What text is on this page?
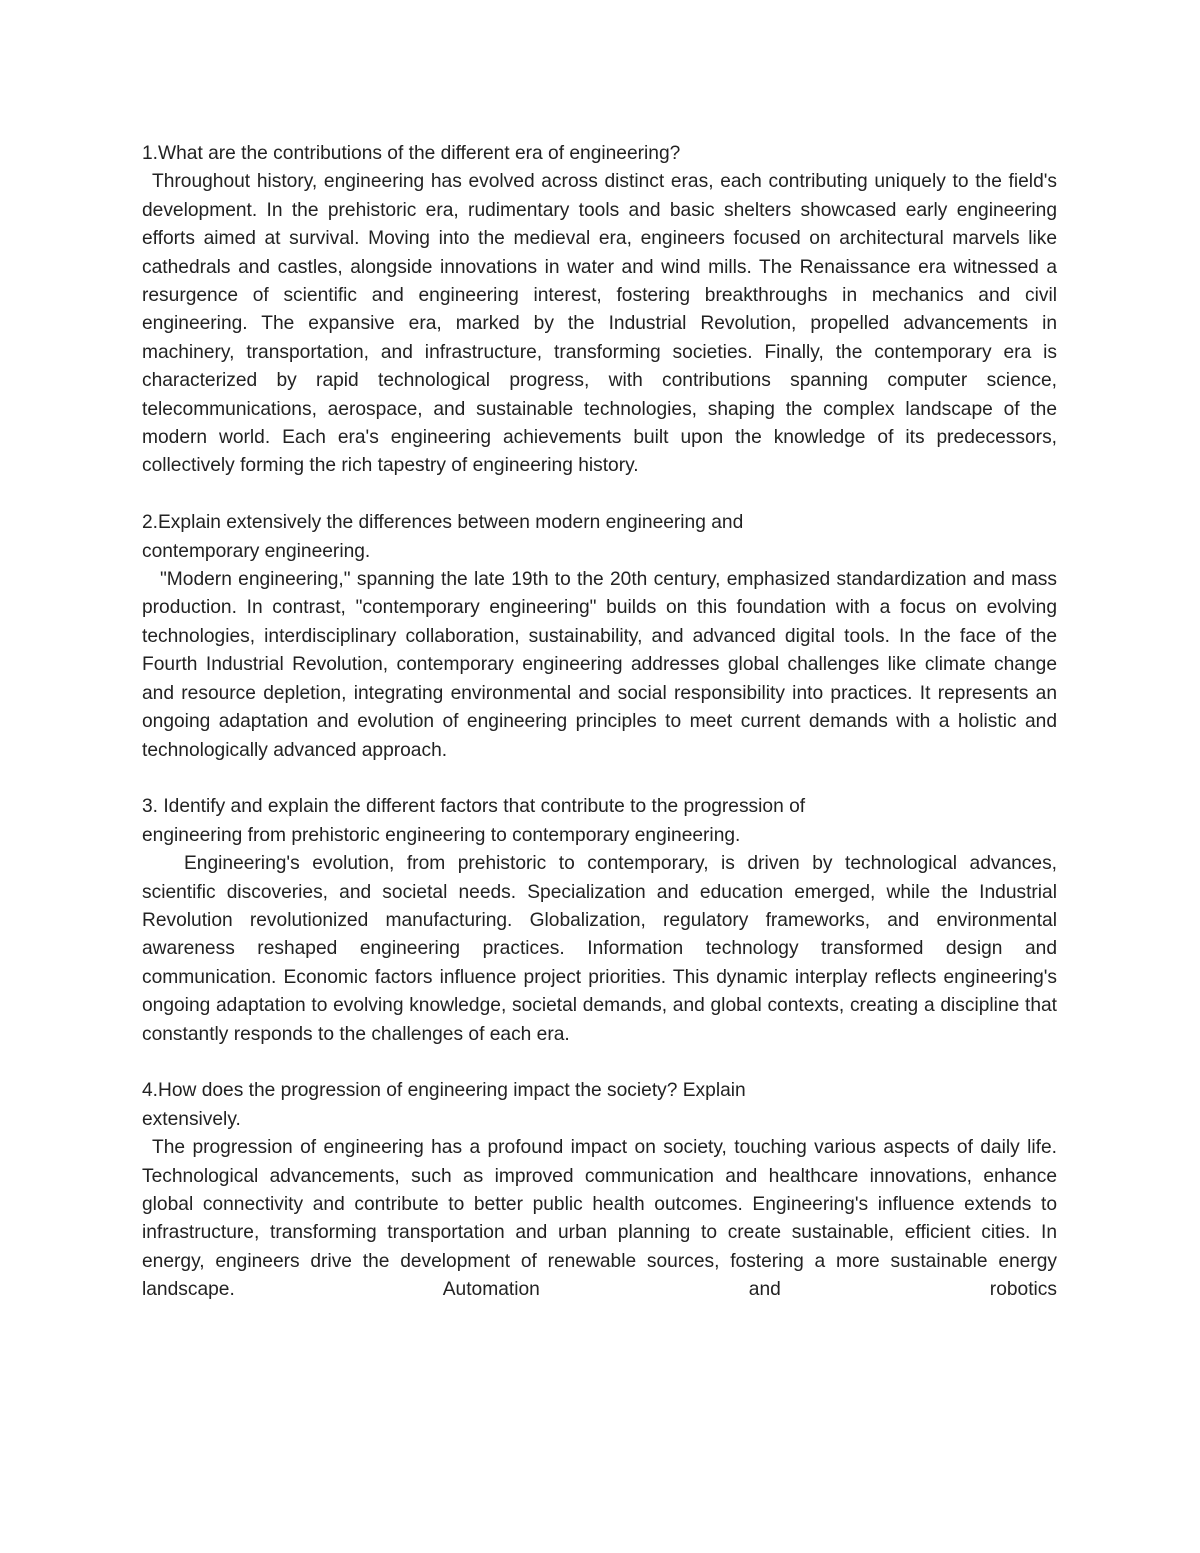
1.What are the contributions of the different era of engineering?

Throughout history, engineering has evolved across distinct eras, each contributing uniquely to the field's development. In the prehistoric era, rudimentary tools and basic shelters showcased early engineering efforts aimed at survival. Moving into the medieval era, engineers focused on architectural marvels like cathedrals and castles, alongside innovations in water and wind mills. The Renaissance era witnessed a resurgence of scientific and engineering interest, fostering breakthroughs in mechanics and civil engineering. The expansive era, marked by the Industrial Revolution, propelled advancements in machinery, transportation, and infrastructure, transforming societies. Finally, the contemporary era is characterized by rapid technological progress, with contributions spanning computer science, telecommunications, aerospace, and sustainable technologies, shaping the complex landscape of the modern world. Each era's engineering achievements built upon the knowledge of its predecessors, collectively forming the rich tapestry of engineering history.

2.Explain extensively the differences between modern engineering and contemporary engineering.

"Modern engineering," spanning the late 19th to the 20th century, emphasized standardization and mass production. In contrast, "contemporary engineering" builds on this foundation with a focus on evolving technologies, interdisciplinary collaboration, sustainability, and advanced digital tools. In the face of the Fourth Industrial Revolution, contemporary engineering addresses global challenges like climate change and resource depletion, integrating environmental and social responsibility into practices. It represents an ongoing adaptation and evolution of engineering principles to meet current demands with a holistic and technologically advanced approach.

3. Identify and explain the different factors that contribute to the progression of engineering from prehistoric engineering to contemporary engineering.

Engineering's evolution, from prehistoric to contemporary, is driven by technological advances, scientific discoveries, and societal needs. Specialization and education emerged, while the Industrial Revolution revolutionized manufacturing. Globalization, regulatory frameworks, and environmental awareness reshaped engineering practices. Information technology transformed design and communication. Economic factors influence project priorities. This dynamic interplay reflects engineering's ongoing adaptation to evolving knowledge, societal demands, and global contexts, creating a discipline that constantly responds to the challenges of each era.

4.How does the progression of engineering impact the society? Explain extensively.

The progression of engineering has a profound impact on society, touching various aspects of daily life. Technological advancements, such as improved communication and healthcare innovations, enhance global connectivity and contribute to better public health outcomes. Engineering's influence extends to infrastructure, transforming transportation and urban planning to create sustainable, efficient cities. In energy, engineers drive the development of renewable sources, fostering a more sustainable energy landscape. Automation and robotics
